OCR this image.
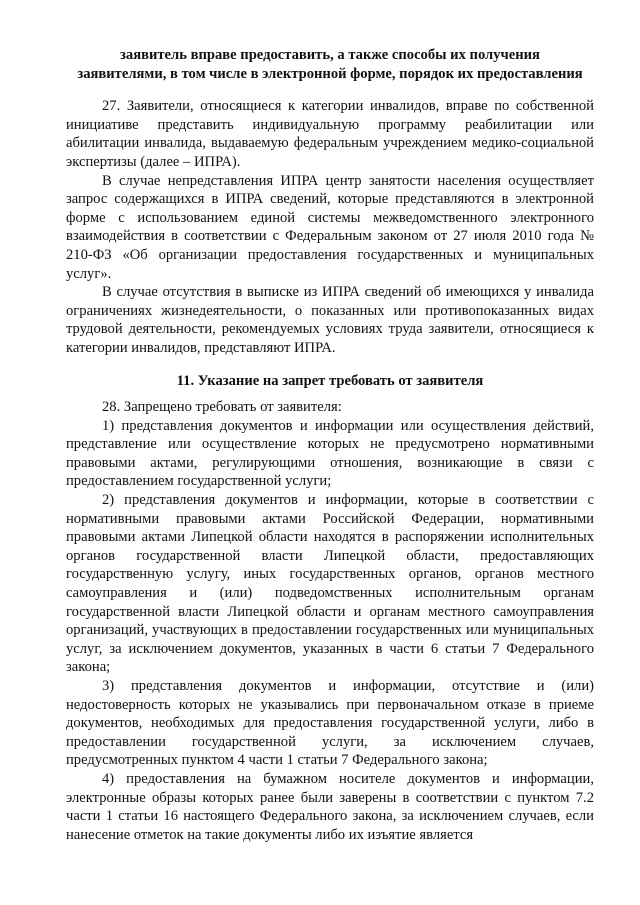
заявитель вправе предоставить, а также способы их получения

заявителями, в том числе в электронной форме, порядок их предоставления

27. Заявители, относящиеся к категории инвалидов, вправе по собственной инициативе представить индивидуальную программу реабилитации или абилитации инвалида, выдаваемую федеральным учреждением медико-социальной экспертизы (далее – ИПРА).

В случае непредставления ИПРА центр занятости населения осуществляет запрос содержащихся в ИПРА сведений, которые представляются в электронной форме с использованием единой системы межведомственного электронного взаимодействия в соответствии с Федеральным законом от 27 июля 2010 года № 210-ФЗ «Об организации предоставления государственных и муниципальных услуг».

В случае отсутствия в выписке из ИПРА сведений об имеющихся у инвалида ограничениях жизнедеятельности, о показанных или противопоказанных видах трудовой деятельности, рекомендуемых условиях труда заявители, относящиеся к категории инвалидов, представляют ИПРА.

11. Указание на запрет требовать от заявителя

28. Запрещено требовать от заявителя:

1) представления документов и информации или осуществления действий, представление или осуществление которых не предусмотрено нормативными правовыми актами, регулирующими отношения, возникающие в связи с предоставлением государственной услуги;

2) представления документов и информации, которые в соответствии с нормативными правовыми актами Российской Федерации, нормативными правовыми актами Липецкой области находятся в распоряжении исполнительных органов государственной власти Липецкой области, предоставляющих государственную услугу, иных государственных органов, органов местного самоуправления и (или) подведомственных исполнительным органам государственной власти Липецкой области и органам местного самоуправления организаций, участвующих в предоставлении государственных или муниципальных услуг, за исключением документов, указанных в части 6 статьи 7 Федерального закона;

3) представления документов и информации, отсутствие и (или) недостоверность которых не указывались при первоначальном отказе в приеме документов, необходимых для предоставления государственной услуги, либо в предоставлении государственной услуги, за исключением случаев, предусмотренных пунктом 4 части 1 статьи 7 Федерального закона;

4) предоставления на бумажном носителе документов и информации, электронные образы которых ранее были заверены в соответствии с пунктом 7.2 части 1 статьи 16 настоящего Федерального закона, за исключением случаев, если нанесение отметок на такие документы либо их изъятие является
